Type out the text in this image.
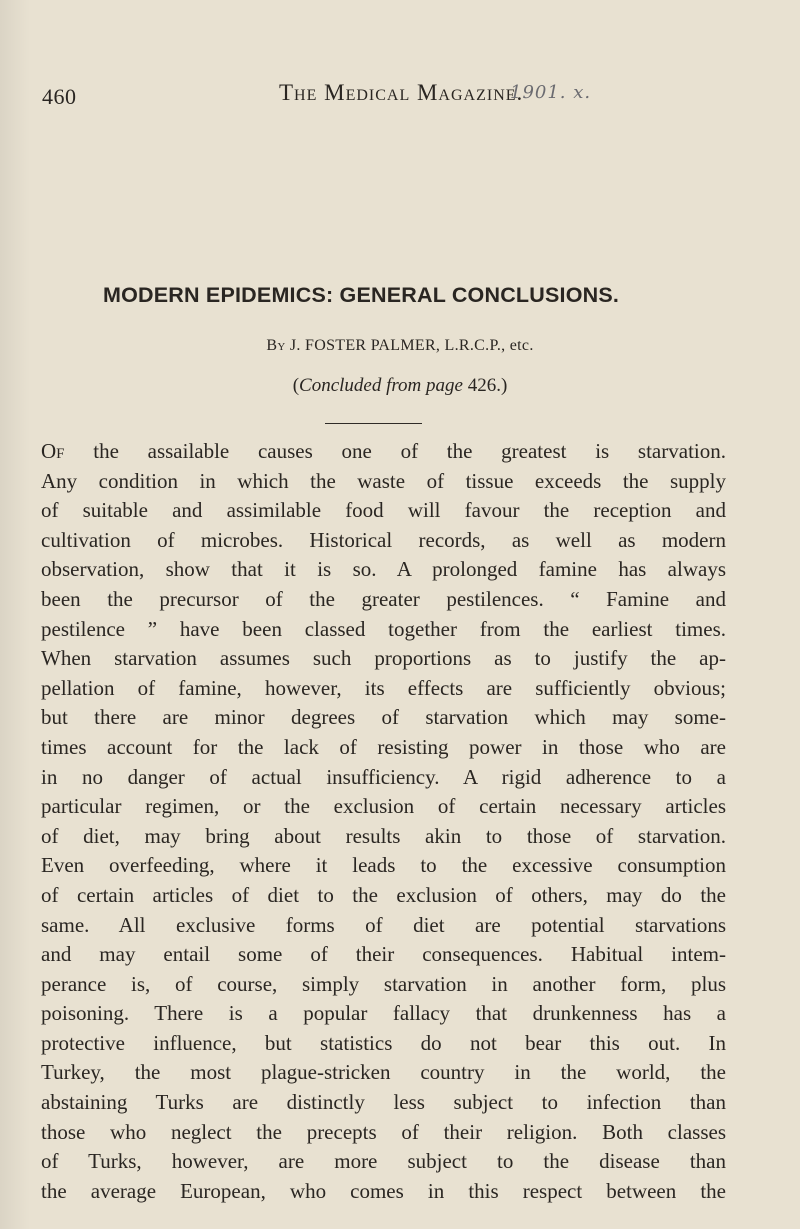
460	The Medical Magazine.
1901. x.
MODERN EPIDEMICS: GENERAL CONCLUSIONS.
By J. FOSTER PALMER, L.R.C.P., etc.
(Concluded from page 426.)
Of the assailable causes one of the greatest is starvation.
Any condition in which the waste of tissue exceeds the supply
of suitable and assimilable food will favour the reception and
cultivation of microbes. Historical records, as well as modern
observation, show that it is so. A prolonged famine has always
been the precursor of the greater pestilences. “ Famine and
pestilence ” have been classed together from the earliest times.
When starvation assumes such proportions as to justify the ap-
pellation of famine, however, its effects are sufficiently obvious;
but there are minor degrees of starvation which may some-
times account for the lack of resisting power in those who are
in no danger of actual insufficiency. A rigid adherence to a
particular regimen, or the exclusion of certain necessary articles
of diet, may bring about results akin to those of starvation.
Even overfeeding, where it leads to the excessive consumption
of certain articles of diet to the exclusion of others, may do the
same. All exclusive forms of diet are potential starvations
and may entail some of their consequences. Habitual intem-
perance is, of course, simply starvation in another form, plus
poisoning. There is a popular fallacy that drunkenness has a
protective influence, but statistics do not bear this out. In
Turkey, the most plague-stricken country in the world, the
abstaining Turks are distinctly less subject to infection than
those who neglect the precepts of their religion. Both classes
of Turks, however, are more subject to the disease than
the average European, who comes in this respect between the
